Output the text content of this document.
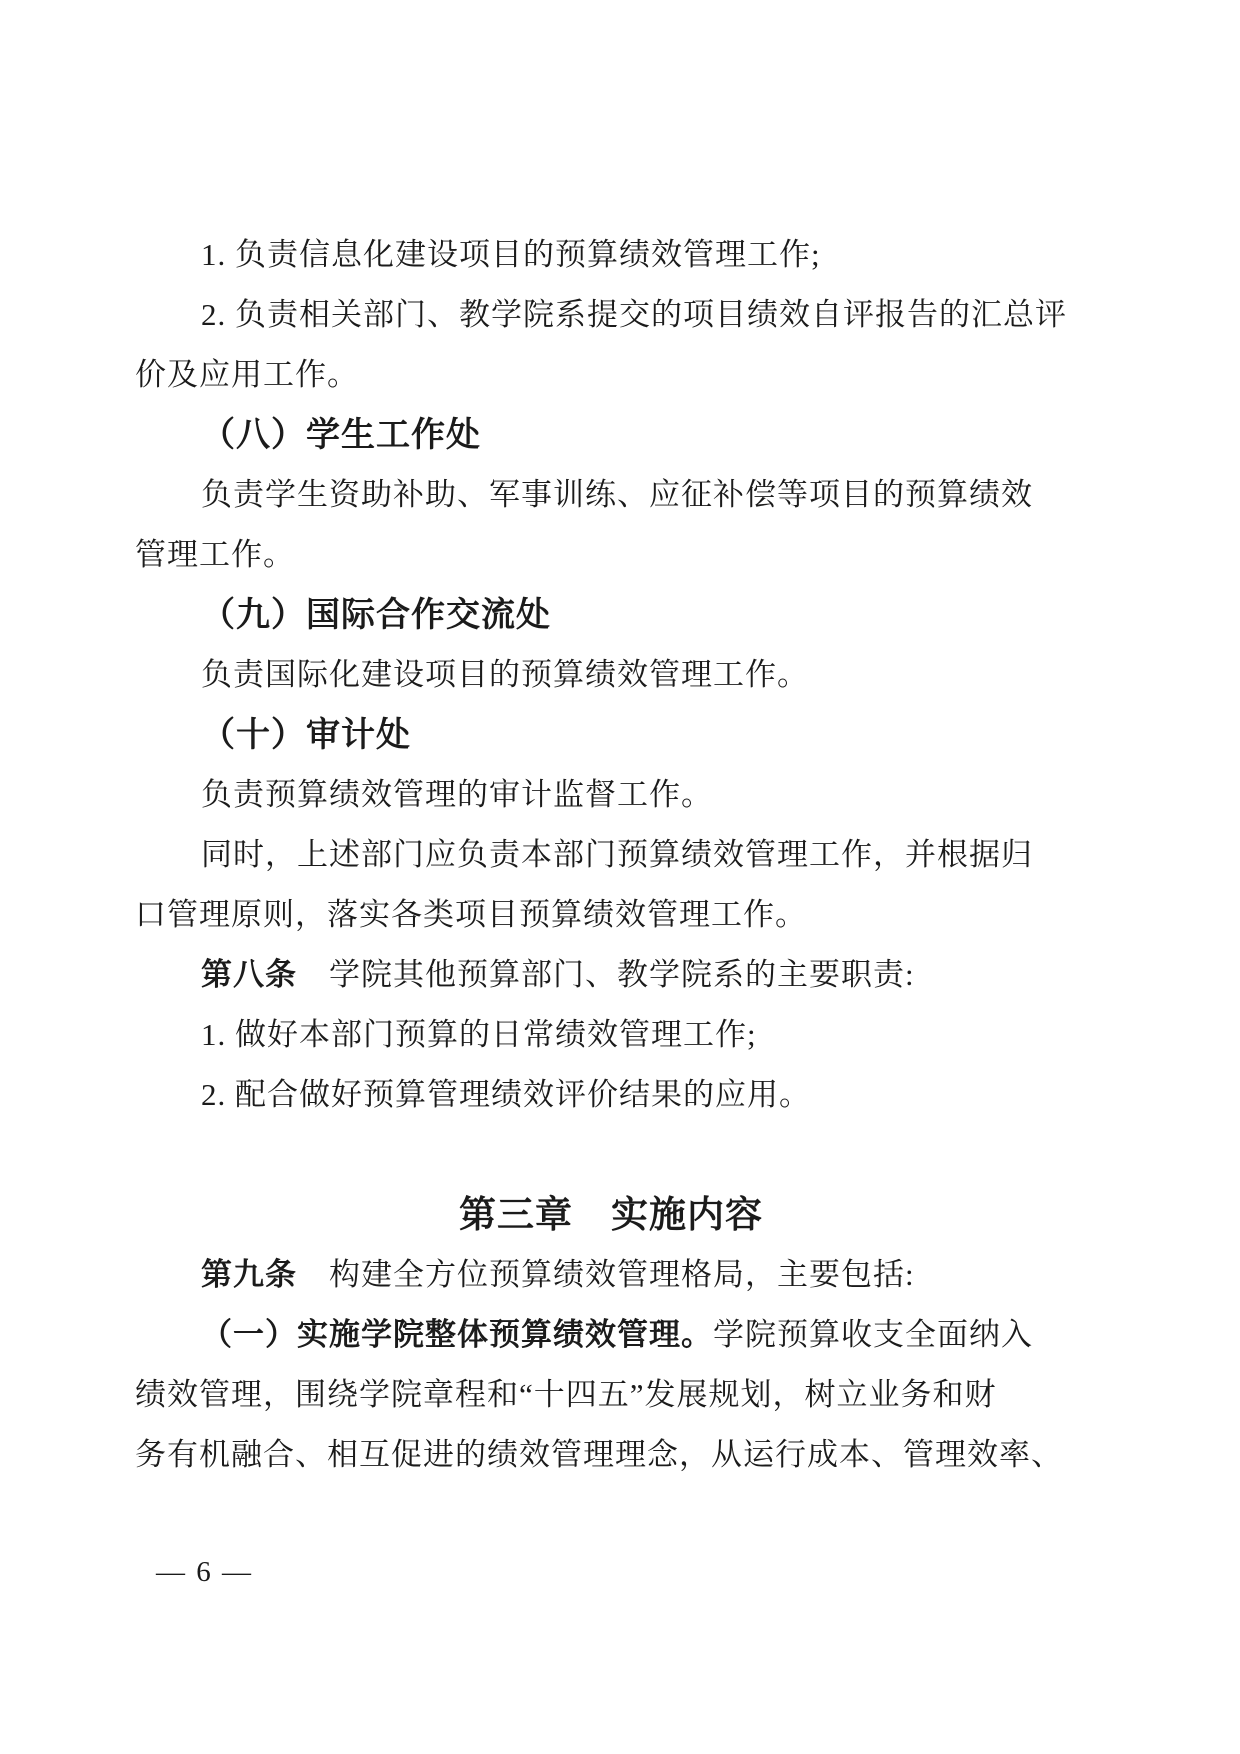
1. 负责信息化建设项目的预算绩效管理工作;

2. 负责相关部门、教学院系提交的项目绩效自评报告的汇总评

价及应用工作。

（八）学生工作处

负责学生资助补助、军事训练、应征补偿等项目的预算绩效

管理工作。

（九）国际合作交流处

负责国际化建设项目的预算绩效管理工作。

（十）审计处

负责预算绩效管理的审计监督工作。

同时，上述部门应负责本部门预算绩效管理工作，并根据归

口管理原则，落实各类项目预算绩效管理工作。

第八条　学院其他预算部门、教学院系的主要职责:

1. 做好本部门预算的日常绩效管理工作;

2. 配合做好预算管理绩效评价结果的应用。

第三章　实施内容

第九条　构建全方位预算绩效管理格局，主要包括:

（一）实施学院整体预算绩效管理。学院预算收支全面纳入

绩效管理，围绕学院章程和“十四五”发展规划，树立业务和财

务有机融合、相互促进的绩效管理理念，从运行成本、管理效率、

— 6 —
